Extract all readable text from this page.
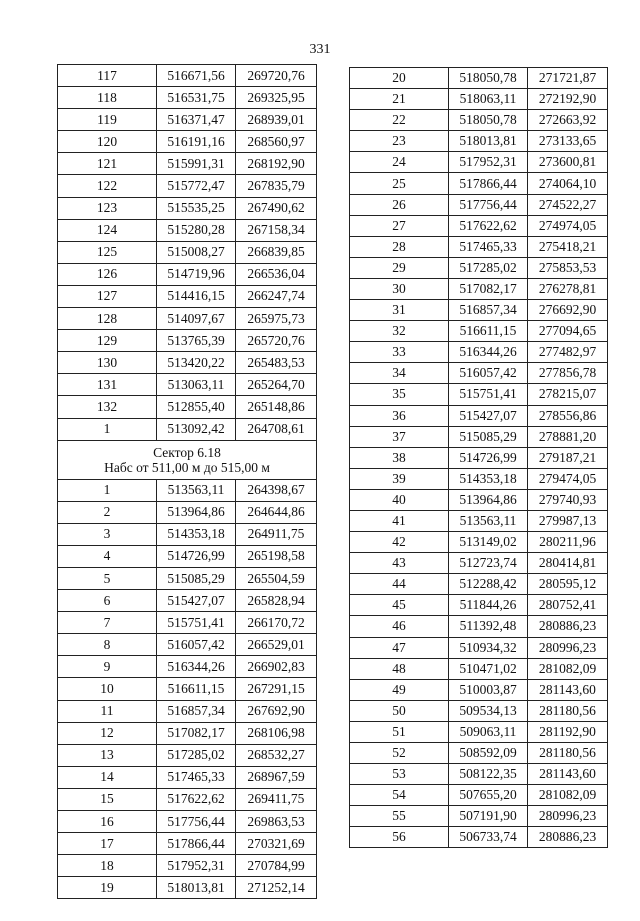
331
117	516671,56	269720,76
118	516531,75	269325,95
119	516371,47	268939,01
120	516191,16	268560,97
121	515991,31	268192,90
122	515772,47	267835,79
123	515535,25	267490,62
124	515280,28	267158,34
125	515008,27	266839,85
126	514719,96	266536,04
127	514416,15	266247,74
128	514097,67	265975,73
129	513765,39	265720,76
130	513420,22	265483,53
131	513063,11	265264,70
132	512855,40	265148,86
1	513092,42	264708,61

Сектор 6.18
Набс от 511,00 м до 515,00 м		

1	513563,11	264398,67
2	513964,86	264644,86
3	514353,18	264911,75
4	514726,99	265198,58
5	515085,29	265504,59
6	515427,07	265828,94
7	515751,41	266170,72
8	516057,42	266529,01
9	516344,26	266902,83
10	516611,15	267291,15
11	516857,34	267692,90
12	517082,17	268106,98
13	517285,02	268532,27
14	517465,33	268967,59
15	517622,62	269411,75
16	517756,44	269863,53
17	517866,44	270321,69
18	517952,31	270784,99
19	518013,81	271252,14
20	518050,78	271721,87
21	518063,11	272192,90
22	518050,78	272663,92
23	518013,81	273133,65
24	517952,31	273600,81
25	517866,44	274064,10
26	517756,44	274522,27
27	517622,62	274974,05
28	517465,33	275418,21
29	517285,02	275853,53
30	517082,17	276278,81
31	516857,34	276692,90
32	516611,15	277094,65
33	516344,26	277482,97
34	516057,42	277856,78
35	515751,41	278215,07
36	515427,07	278556,86
37	515085,29	278881,20
38	514726,99	279187,21
39	514353,18	279474,05
40	513964,86	279740,93
41	513563,11	279987,13
42	513149,02	280211,96
43	512723,74	280414,81
44	512288,42	280595,12
45	511844,26	280752,41
46	511392,48	280886,23
47	510934,32	280996,23
48	510471,02	281082,09
49	510003,87	281143,60
50	509534,13	281180,56
51	509063,11	281192,90
52	508592,09	281180,56
53	508122,35	281143,60
54	507655,20	281082,09
55	507191,90	280996,23
56	506733,74	280886,23
